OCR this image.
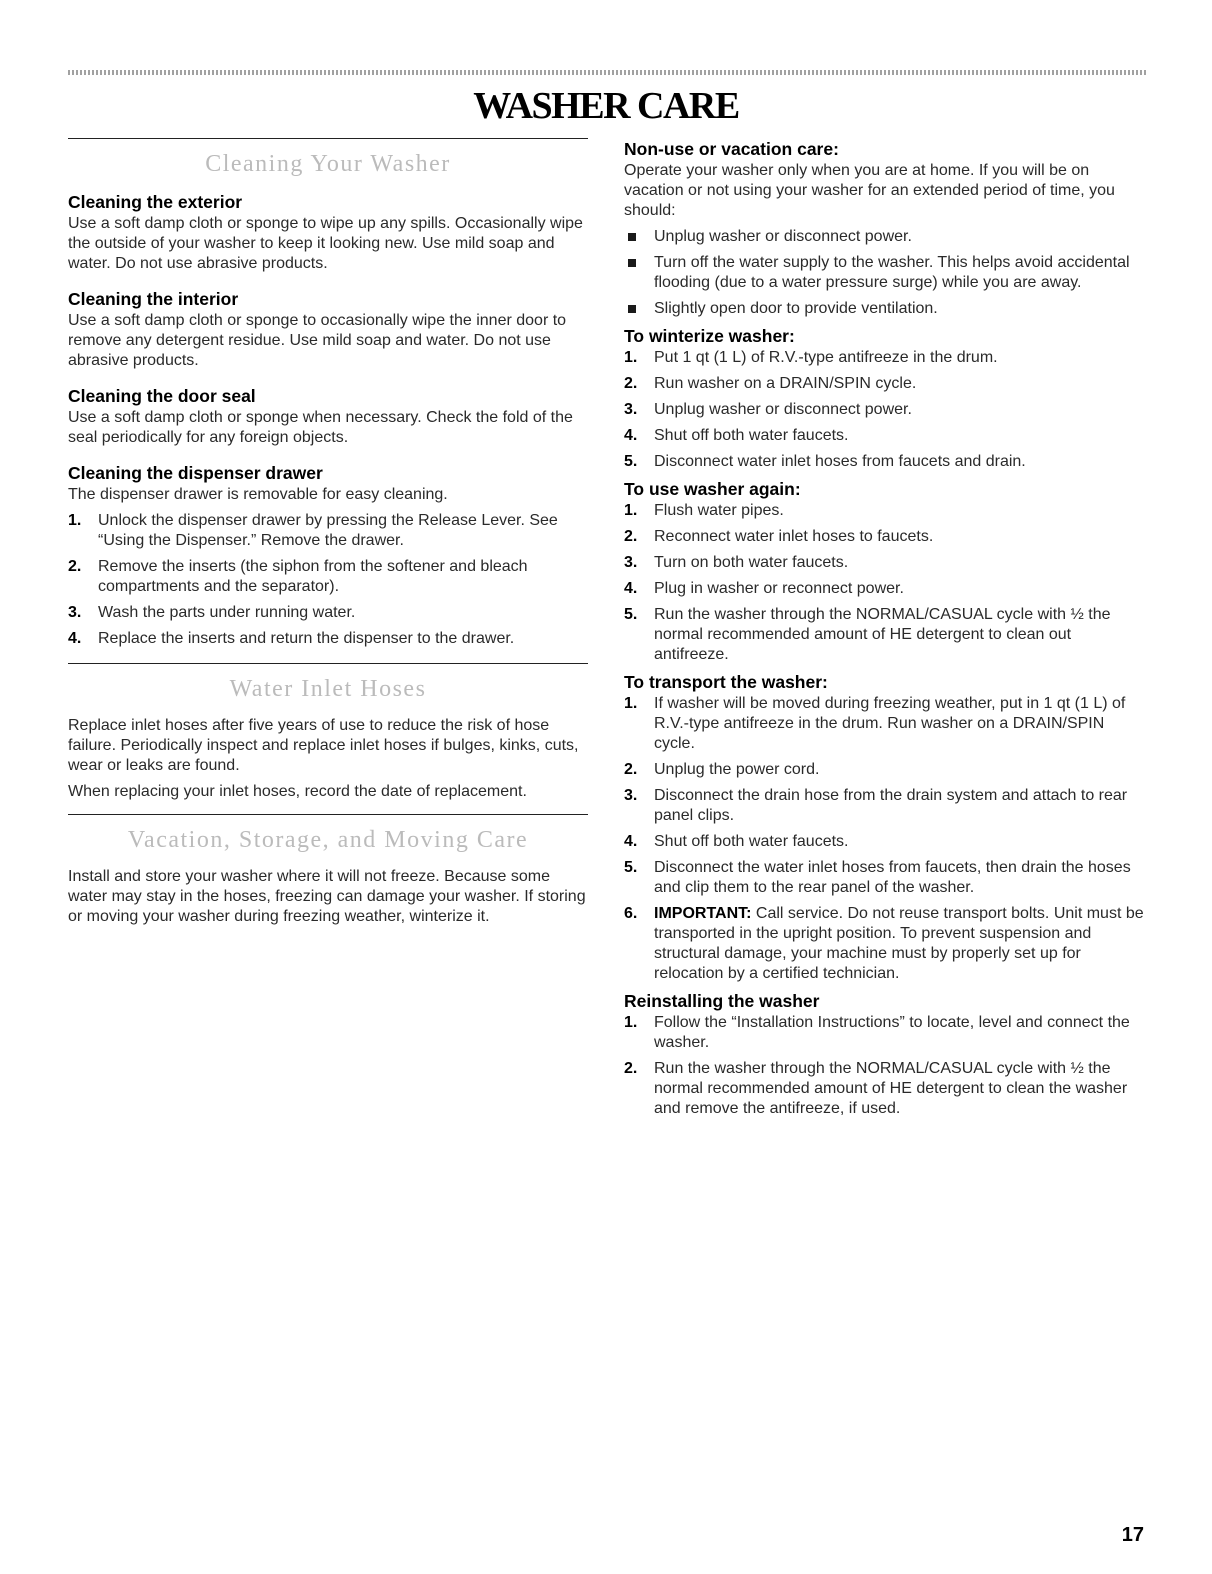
WASHER CARE
Cleaning Your Washer
Cleaning the exterior

Use a soft damp cloth or sponge to wipe up any spills. Occasionally wipe the outside of your washer to keep it looking new. Use mild soap and water. Do not use abrasive products.

Cleaning the interior

Use a soft damp cloth or sponge to occasionally wipe the inner door to remove any detergent residue. Use mild soap and water. Do not use abrasive products.

Cleaning the door seal

Use a soft damp cloth or sponge when necessary. Check the fold of the seal periodically for any foreign objects.

Cleaning the dispenser drawer

The dispenser drawer is removable for easy cleaning.

1. Unlock the dispenser drawer by pressing the Release Lever. See “Using the Dispenser.” Remove the drawer.
2. Remove the inserts (the siphon from the softener and bleach compartments and the separator).
3. Wash the parts under running water.
4. Replace the inserts and return the dispenser to the drawer.
Water Inlet Hoses

Replace inlet hoses after five years of use to reduce the risk of hose failure. Periodically inspect and replace inlet hoses if bulges, kinks, cuts, wear or leaks are found.

When replacing your inlet hoses, record the date of replacement.

Vacation, Storage, and Moving Care

Install and store your washer where it will not freeze. Because some water may stay in the hoses, freezing can damage your washer. If storing or moving your washer during freezing weather, winterize it.

Non-use or vacation care:

Operate your washer only when you are at home. If you will be on vacation or not using your washer for an extended period of time, you should:

Unplug washer or disconnect power.
Turn off the water supply to the washer. This helps avoid accidental flooding (due to a water pressure surge) while you are away.
Slightly open door to provide ventilation.
To winterize washer:
1. Put 1 qt (1 L) of R.V.-type antifreeze in the drum.
2. Run washer on a DRAIN/SPIN cycle.
3. Unplug washer or disconnect power.
4. Shut off both water faucets.
5. Disconnect water inlet hoses from faucets and drain.
To use washer again:
1. Flush water pipes.
2. Reconnect water inlet hoses to faucets.
3. Turn on both water faucets.
4. Plug in washer or reconnect power.
5. Run the washer through the NORMAL/CASUAL cycle with ½ the normal recommended amount of HE detergent to clean out antifreeze.
To transport the washer:
1. If washer will be moved during freezing weather, put in 1 qt (1 L) of R.V.-type antifreeze in the drum. Run washer on a DRAIN/SPIN cycle.
2. Unplug the power cord.
3. Disconnect the drain hose from the drain system and attach to rear panel clips.
4. Shut off both water faucets.
5. Disconnect the water inlet hoses from faucets, then drain the hoses and clip them to the rear panel of the washer.
6. IMPORTANT: Call service. Do not reuse transport bolts. Unit must be transported in the upright position. To prevent suspension and structural damage, your machine must by properly set up for relocation by a certified technician.
Reinstalling the washer
1. Follow the “Installation Instructions” to locate, level and connect the washer.
2. Run the washer through the NORMAL/CASUAL cycle with ½ the normal recommended amount of HE detergent to clean the washer and remove the antifreeze, if used.
17
